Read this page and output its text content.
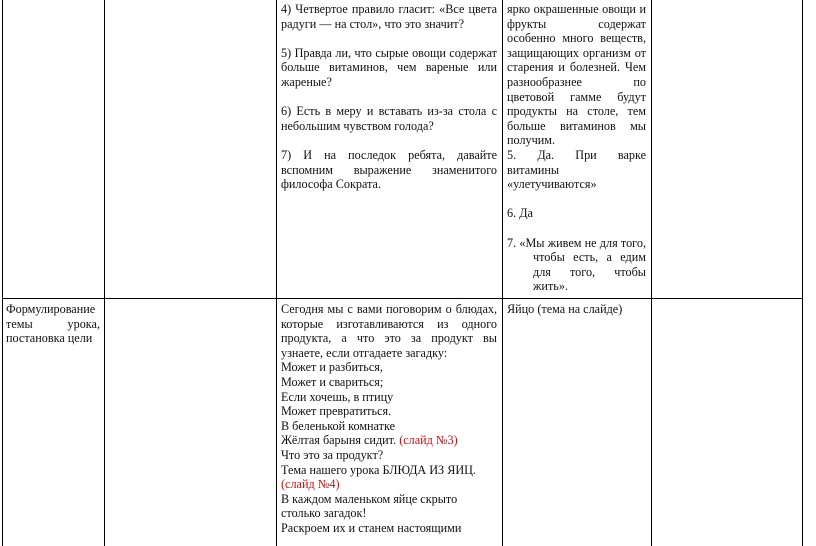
4) Четвертое правило гласит: «Все цвета радуги — на стол», что это значит?

5) Правда ли, что сырые овощи содержат больше витаминов, чем вареные или жареные?

6) Есть в меру и вставать из-за стола с небольшим чувством голода?

7) И на последок ребята, давайте вспомним выражение знаменитого философа Сократа.

ярко окрашенные овощи и фрукты содержат особенно много веществ, защищающих организм от старения и болезней. Чем разнообразнее по цветовой гамме будут продукты на столе, тем больше витаминов мы получим.

5. Да. При варке витамины «улетучиваются»

6. Да

7. «Мы живем не для того, чтобы есть, а едим для того, чтобы жить».

Формулирование темы урока, постановка цели

Сегодня мы с вами поговорим о блюдах, которые изготавливаются из одного продукта, а что это за продукт вы узнаете, если отгадаете загадку:

Может и разбиться,

Может и свариться;

Если хочешь, в птицу

Может превратиться.

В беленькой комнатке

Жёлтая барыня сидит. (слайд №3)

Что это за продукт?

Тема нашего урока БЛЮДА ИЗ ЯИЦ.

(слайд №4)

В каждом маленьком яйце скрыто

столько загадок!

Раскроем их и станем настоящими

Яйцо (тема на слайде)
